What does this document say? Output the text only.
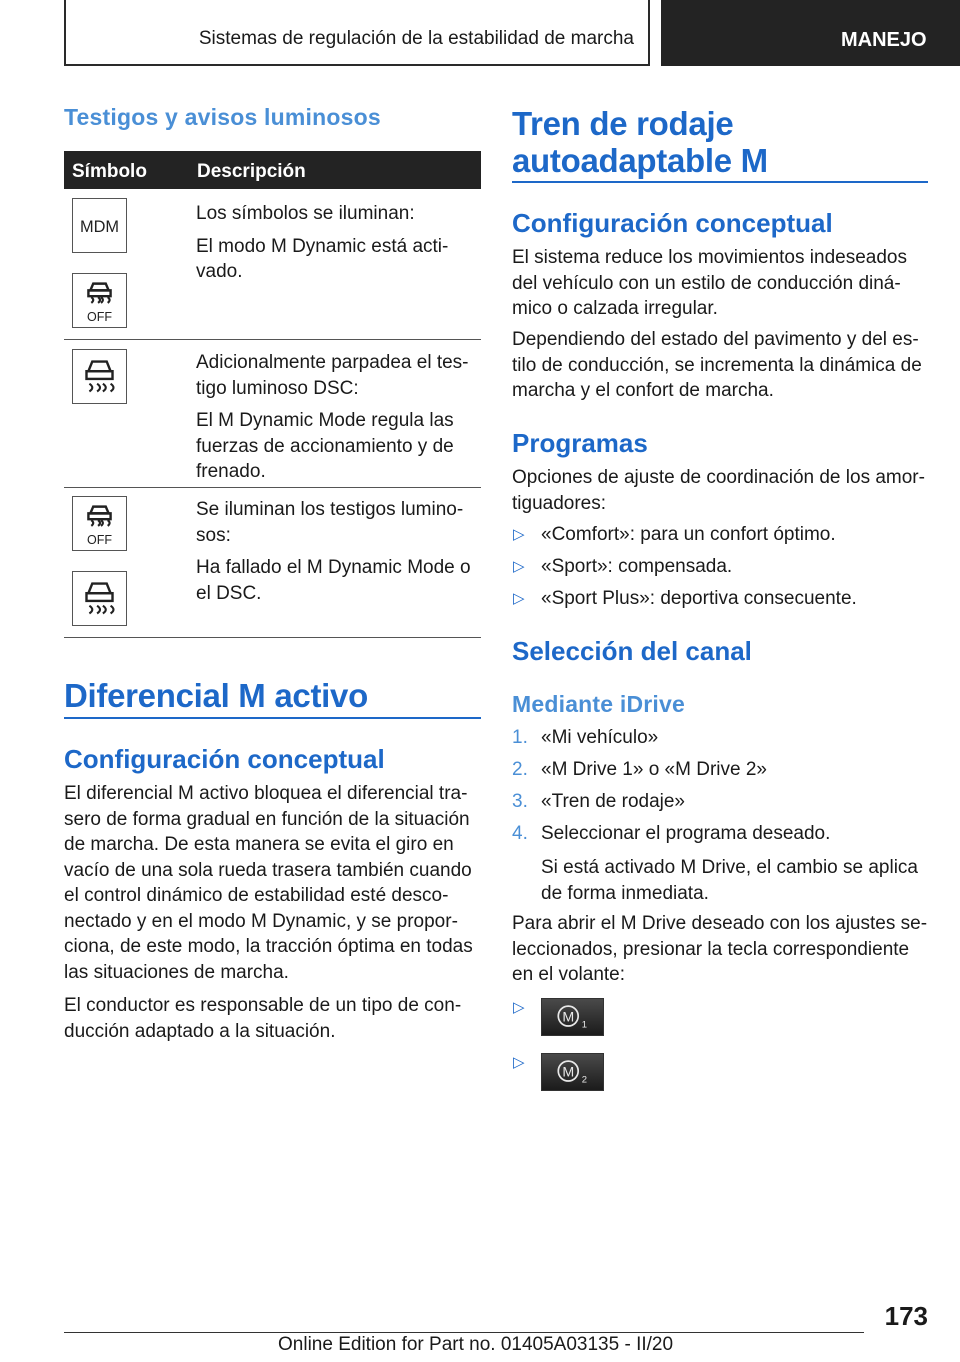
Sistemas de regulación de la estabilidad de marcha	MANEJO
Testigos y avisos luminosos
Símbolo	Descripción
MDM
OFF
Los símbolos se iluminan:
El modo M Dynamic está acti-
vado.
Adicionalmente parpadea el tes-
tigo luminoso DSC:
El M Dynamic Mode regula las
fuerzas de accionamiento y de
frenado.
OFF
Se iluminan los testigos lumino-
sos:
Ha fallado el M Dynamic Mode o
el DSC.
Diferencial M activo
Configuración conceptual
El diferencial M activo bloquea el diferencial tra-
sero de forma gradual en función de la situación
de marcha. De esta manera se evita el giro en
vacío de una sola rueda trasera también cuando
el control dinámico de estabilidad esté desco-
nectado y en el modo M Dynamic, y se propor-
ciona, de este modo, la tracción óptima en todas
las situaciones de marcha.
El conductor es responsable de un tipo de con-
ducción adaptado a la situación.
Tren de rodaje
autoadaptable M
Configuración conceptual
El sistema reduce los movimientos indeseados
del vehículo con un estilo de conducción diná-
mico o calzada irregular.
Dependiendo del estado del pavimento y del es-
tilo de conducción, se incrementa la dinámica de
marcha y el confort de marcha.
Programas
Opciones de ajuste de coordinación de los amor-
tiguadores:
▷ «Comfort»: para un confort óptimo.
▷ «Sport»: compensada.
▷ «Sport Plus»: deportiva consecuente.
Selección del canal
Mediante iDrive
1. «Mi vehículo»
2. «M Drive 1» o «M Drive 2»
3. «Tren de rodaje»
4. Seleccionar el programa deseado.
Si está activado M Drive, el cambio se aplica
de forma inmediata.
Para abrir el M Drive deseado con los ajustes se-
leccionados, presionar la tecla correspondiente
en el volante:
▷
M 1
▷
M 2
173
Online Edition for Part no. 01405A03135 - II/20
